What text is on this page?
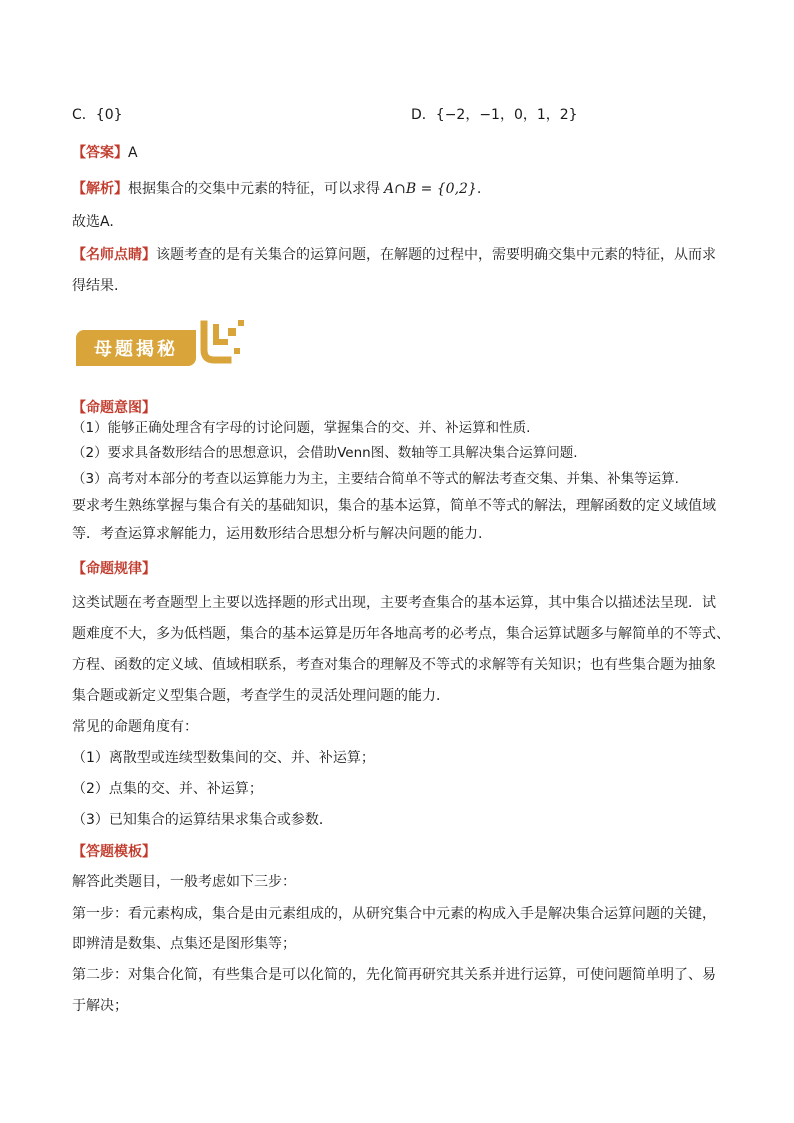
C．{0}	D．{−2，−1，0，1，2}
【答案】A
【解析】根据集合的交集中元素的特征，可以求得 A∩B = {0,2}.
故选A.
【名师点睛】该题考查的是有关集合的运算问题，在解题的过程中，需要明确交集中元素的特征，从而求
得结果.
母题揭秘
【命题意图】
（1）能够正确处理含有字母的讨论问题，掌握集合的交、并、补运算和性质.
（2）要求具备数形结合的思想意识，会借助Venn图、数轴等工具解决集合运算问题.
（3）高考对本部分的考查以运算能力为主，主要结合简单不等式的解法考查交集、并集、补集等运算.
要求考生熟练掌握与集合有关的基础知识，集合的基本运算，简单不等式的解法，理解函数的定义域值域
等．考查运算求解能力，运用数形结合思想分析与解决问题的能力.
【命题规律】
这类试题在考查题型上主要以选择题的形式出现，主要考查集合的基本运算，其中集合以描述法呈现．试
题难度不大，多为低档题，集合的基本运算是历年各地高考的必考点，集合运算试题多与解简单的不等式、
方程、函数的定义域、值域相联系，考查对集合的理解及不等式的求解等有关知识；也有些集合题为抽象
集合题或新定义型集合题，考查学生的灵活处理问题的能力．
常见的命题角度有：
（1）离散型或连续型数集间的交、并、补运算；
（2）点集的交、并、补运算；
（3）已知集合的运算结果求集合或参数．
【答题模板】
解答此类题目，一般考虑如下三步：
第一步：看元素构成，集合是由元素组成的，从研究集合中元素的构成入手是解决集合运算问题的关键，
即辨清是数集、点集还是图形集等；
第二步：对集合化简，有些集合是可以化简的，先化简再研究其关系并进行运算，可使问题简单明了、易
于解决；
